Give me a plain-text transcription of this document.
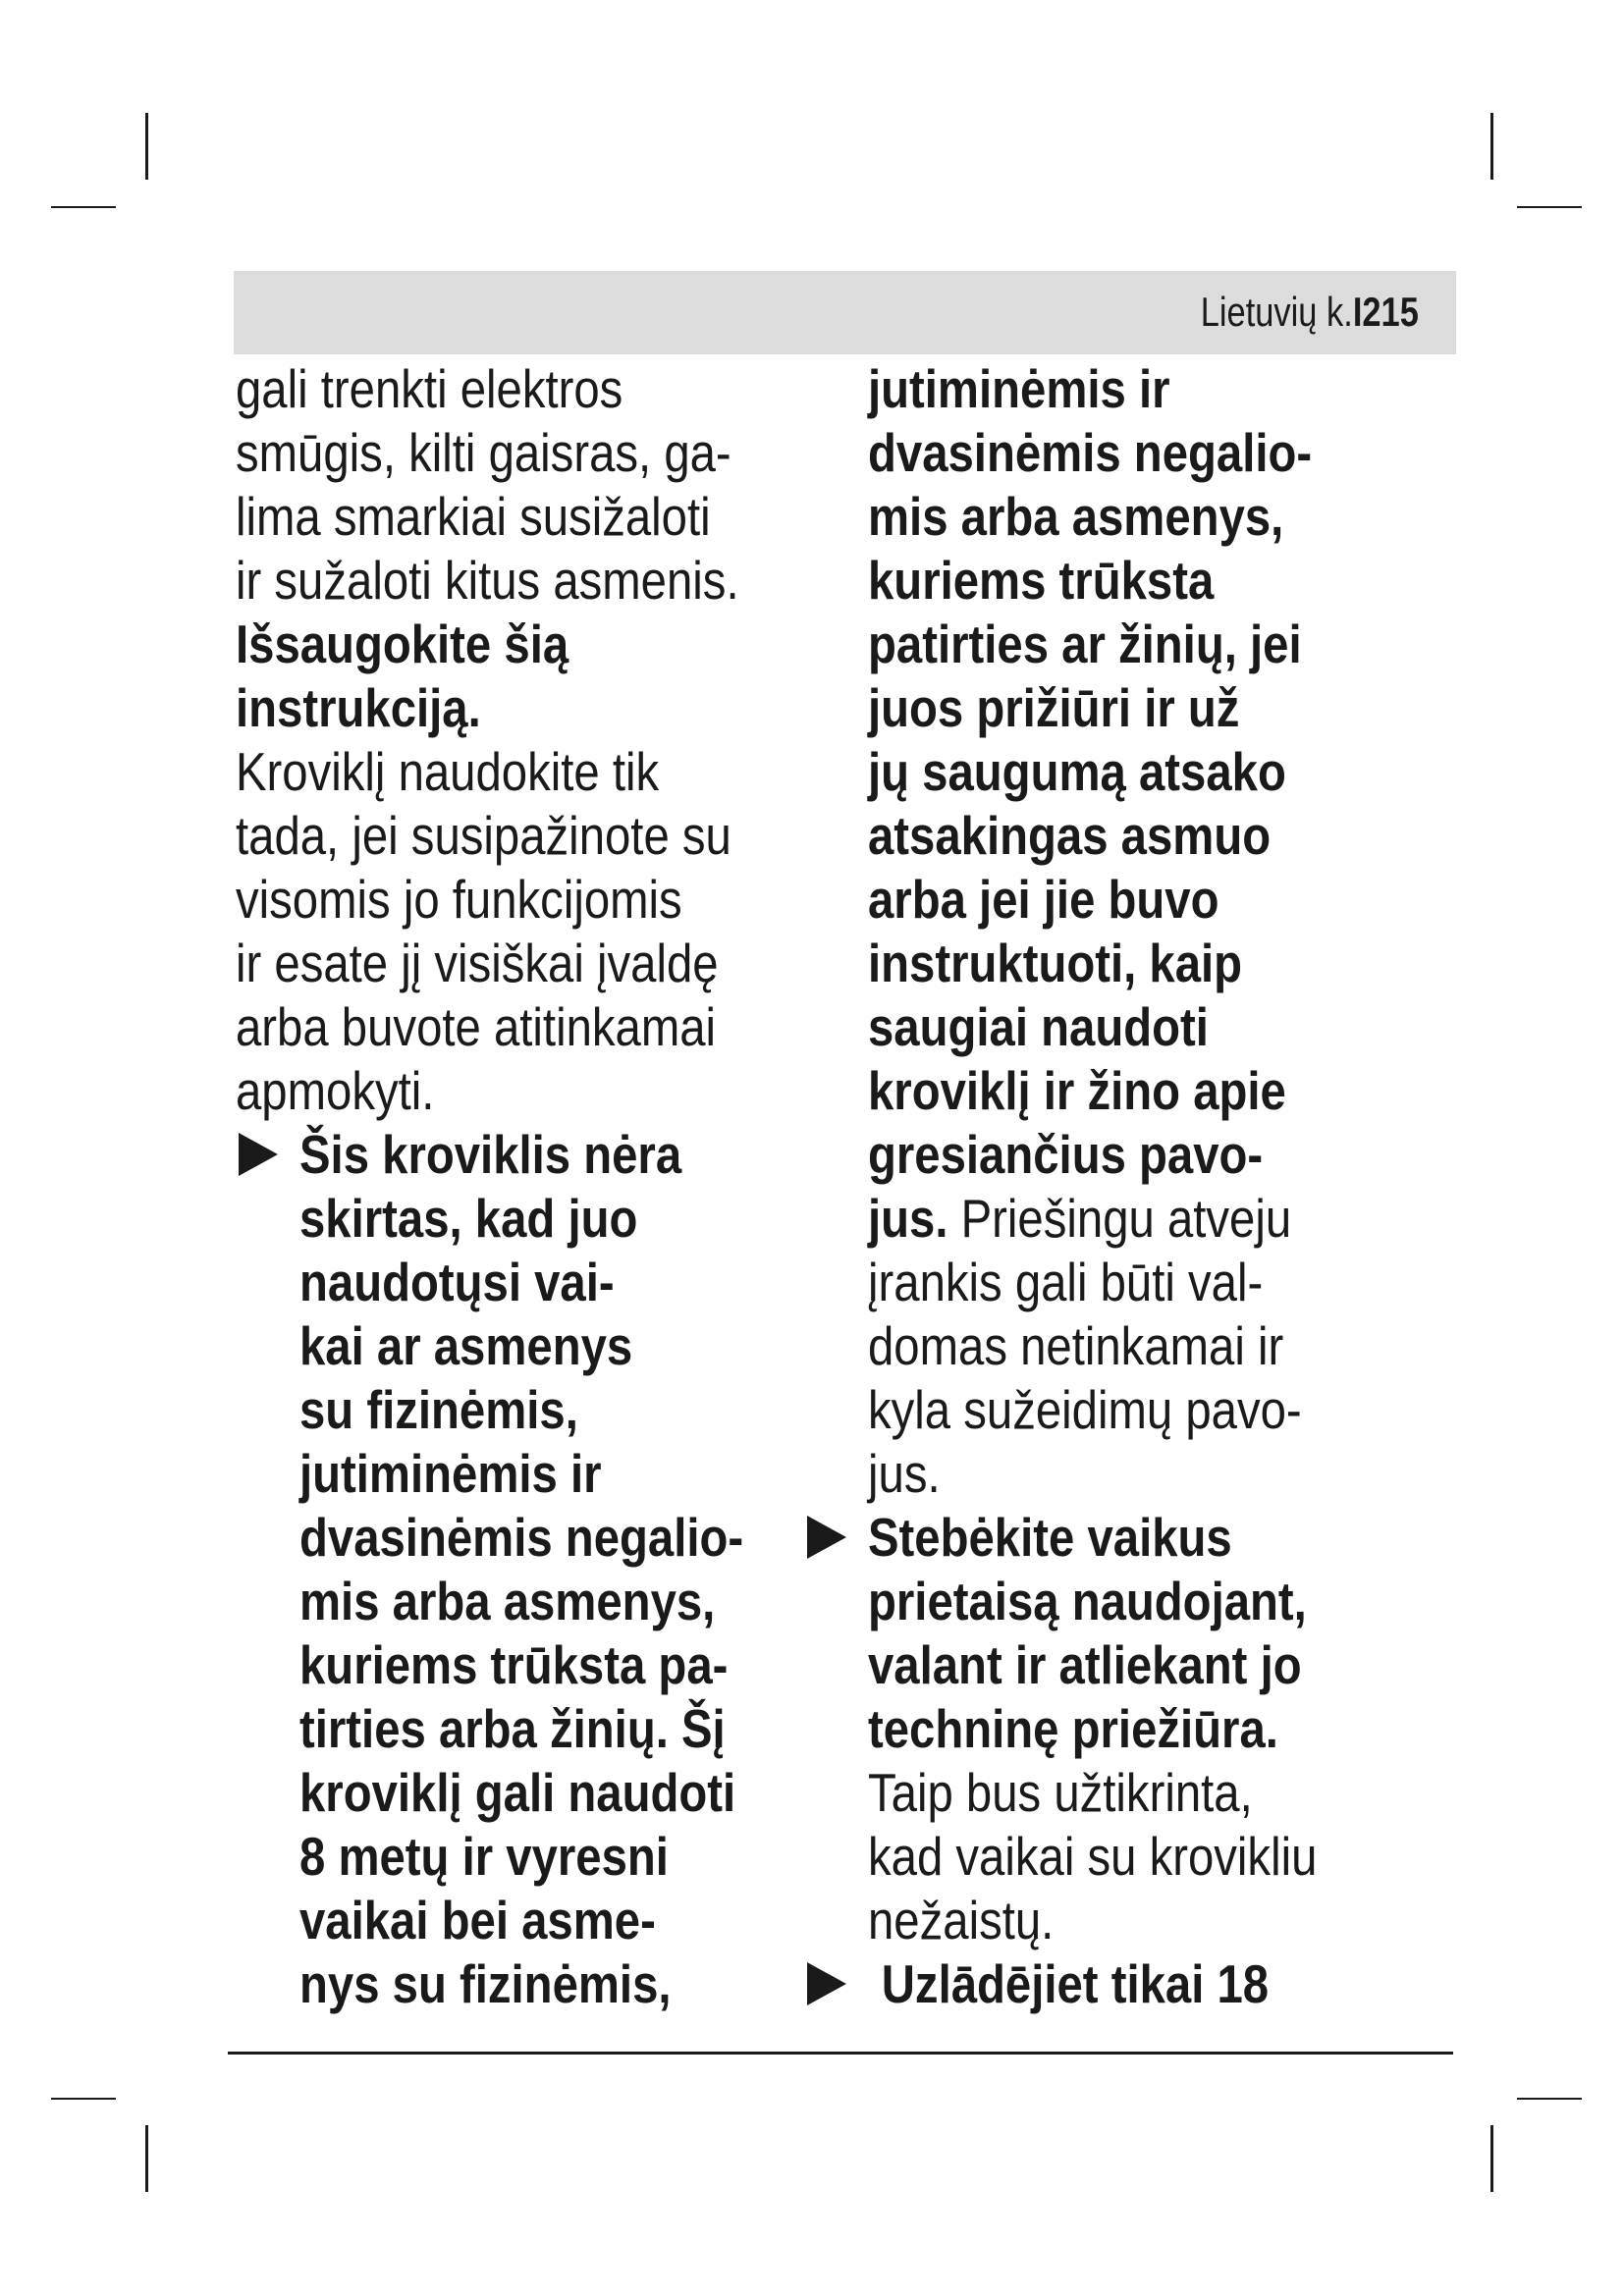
Lietuvių k.I215
gali trenkti elektros
smūgis, kilti gaisras, ga-
lima smarkiai susižaloti
ir sužaloti kitus asmenis.
Išsaugokite šią
instrukciją.
Kroviklį naudokite tik
tada, jei susipažinote su
visomis jo funkcijomis
ir esate jį visiškai įvaldę
arba buvote atitinkamai
apmokyti.
Šis kroviklis nėra
skirtas, kad juo
naudotųsi vai-
kai ar asmenys
su fizinėmis,
jutiminėmis ir
dvasinėmis negalio-
mis arba asmenys,
kuriems trūksta pa-
tirties arba žinių. Šį
kroviklį gali naudoti
8 metų ir vyresni
vaikai bei asme-
nys su fizinėmis,
jutiminėmis ir
dvasinėmis negalio-
mis arba asmenys,
kuriems trūksta
patirties ar žinių, jei
juos prižiūri ir už
jų saugumą atsako
atsakingas asmuo
arba jei jie buvo
instruktuoti, kaip
saugiai naudoti
kroviklį ir žino apie
gresiančius pavo-
jus. Priešingu atveju
įrankis gali būti val-
domas netinkamai ir
kyla sužeidimų pavo-
jus.
Stebėkite vaikus
prietaisą naudojant,
valant ir atliekant jo
techninę priežiūra.
Taip bus užtikrinta,
kad vaikai su krovikliu
nežaistų.
Uzlādējiet tikai 18
